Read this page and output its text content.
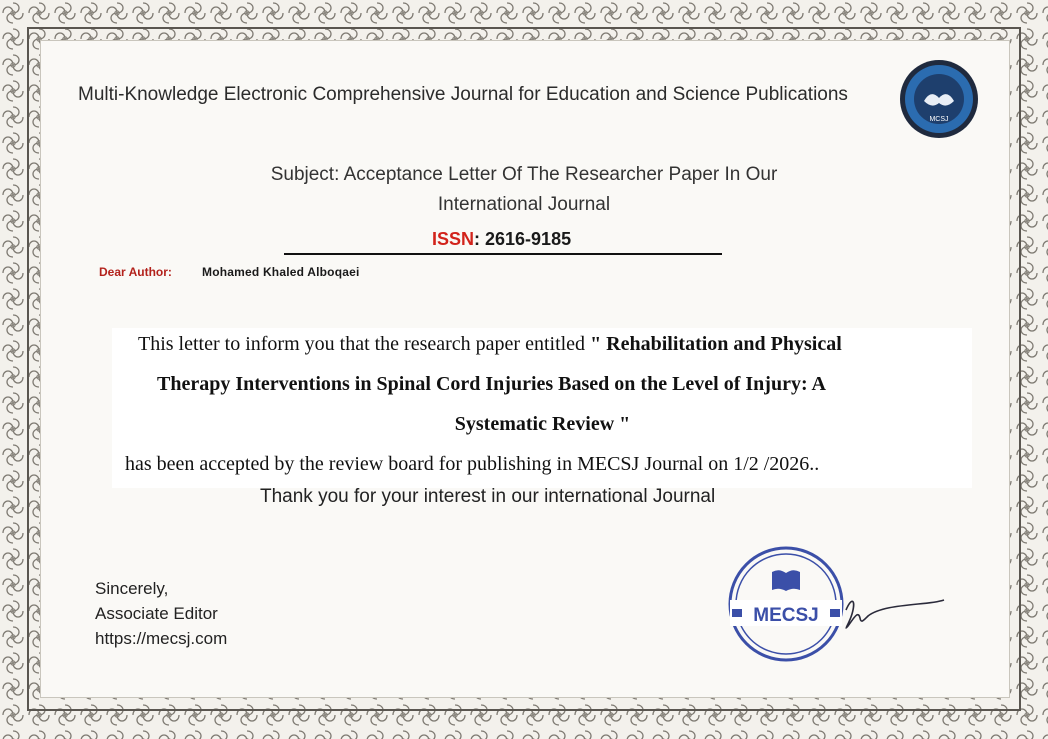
Multi-Knowledge Electronic Comprehensive Journal for Education and Science Publications
MCSJ
Subject: Acceptance Letter Of The Researcher Paper In Our
International Journal
ISSN: 2616-9185
Dear Author:	Mohamed Khaled Alboqaei
This letter to inform you that the research paper entitled " Rehabilitation and Physical
Therapy Interventions in Spinal Cord Injuries Based on the Level of Injury: A
Systematic Review "
has been accepted by the review board for publishing in MECSJ Journal on 1/2 /2026..
Thank you for your interest in our international Journal
Sincerely,
Associate Editor
https://mecsj.com
MECSJ
